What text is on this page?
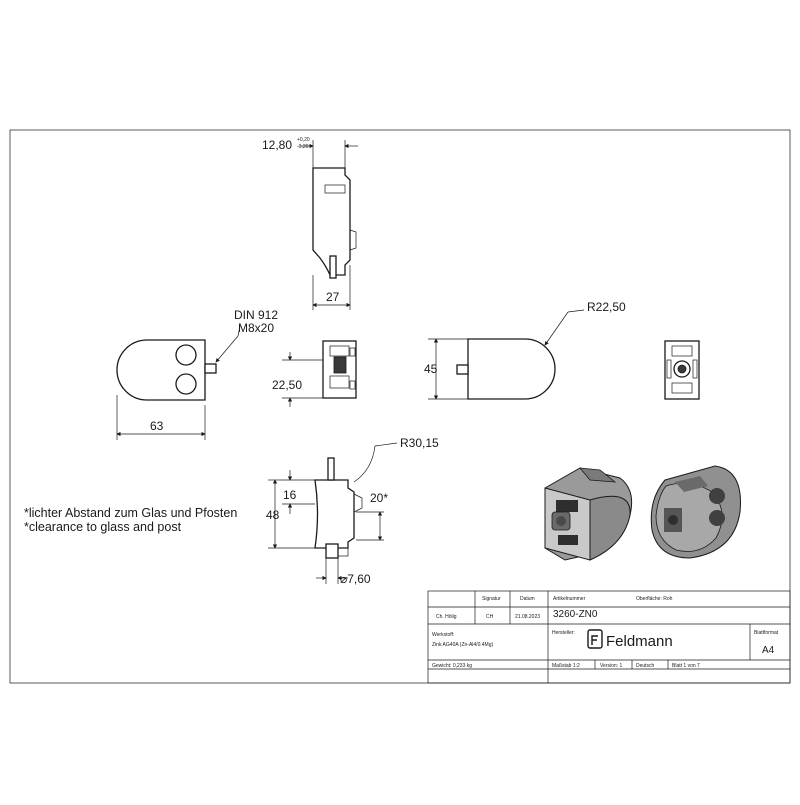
12,80 +0,20
-0,20
27
DIN 912
M8x20
63
22,50
45
R22,50
R30,15
16
48
20*
⌀7,60
Signatur	Datum	Artikelnummer	Oberfläche: Roh
Ch. Hölig	CH	21.08.2023 3260-ZN0
Werkstoff:
Zink AG40A (Zn-Al4/0.4Mg)
Hersteller:	Blattformat
A4
Feldmann
Gewicht: 0,233 kg	Maßstab 1:2	Version: 1	Deutsch	Blatt 1 von 7
*lichter Abstand zum Glas und Pfosten
*clearance to glass and post
